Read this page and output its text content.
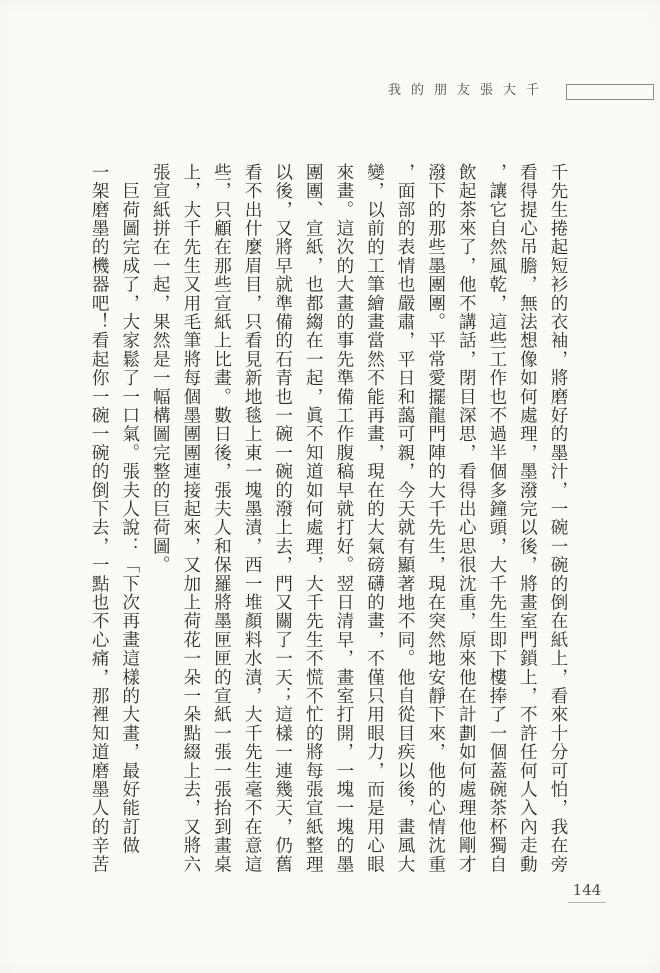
我的朋友張大千
千先生捲起短衫的衣袖，將磨好的墨汁，一碗一碗的倒在紙上，看來十分可怕，我在旁
看得提心吊膽，無法想像如何處理，墨潑完以後，將畫室門鎖上，不許任何人入內走動
，讓它自然風乾，這些工作也不過半個多鐘頭，大千先生即下樓捧了一個蓋碗茶杯獨自
飲起茶來了，他不講話，閉目深思，看得出心思很沈重，原來他在計劃如何處理他剛才
潑下的那些墨團團。平常愛擺龍門陣的大千先生，現在突然地安靜下來，他的心情沈重
，面部的表情也嚴肅，平日和藹可親，今天就有顯著地不同。他自從目疾以後，畫風大
變，以前的工筆繪畫當然不能再畫，現在的大氣磅礴的畫，不僅只用眼力，而是用心眼
來畫。這次的大畫的事先準備工作腹稿早就打好。翌日清早，畫室打開，一塊一塊的墨
團團、宣紙，也都縐在一起，眞不知道如何處理，大千先生不慌不忙的將每張宣紙整理
以後，又將早就準備的石青也一碗一碗的潑上去，門又關了一天；這樣一連幾天，仍舊
看不出什麼眉目，只看見新地毯上東一塊墨漬，西一堆顏料水漬，大千先生毫不在意這
些，只顧在那些宣紙上比畫。數日後，張夫人和保羅將墨匣匣的宣紙一張一張抬到畫桌
上，大千先生又用毛筆將每個墨團團連接起來，又加上荷花一朵一朵點綴上去，又將六
張宣紙拼在一起，果然是一幅構圖完整的巨荷圖。
　巨荷圖完成了，大家鬆了一口氣。張夫人說：「下次再畫這樣的大畫，最好能訂做
一架磨墨的機器吧！看起你一碗一碗的倒下去，一點也不心痛，那裡知道磨墨人的辛苦
144
